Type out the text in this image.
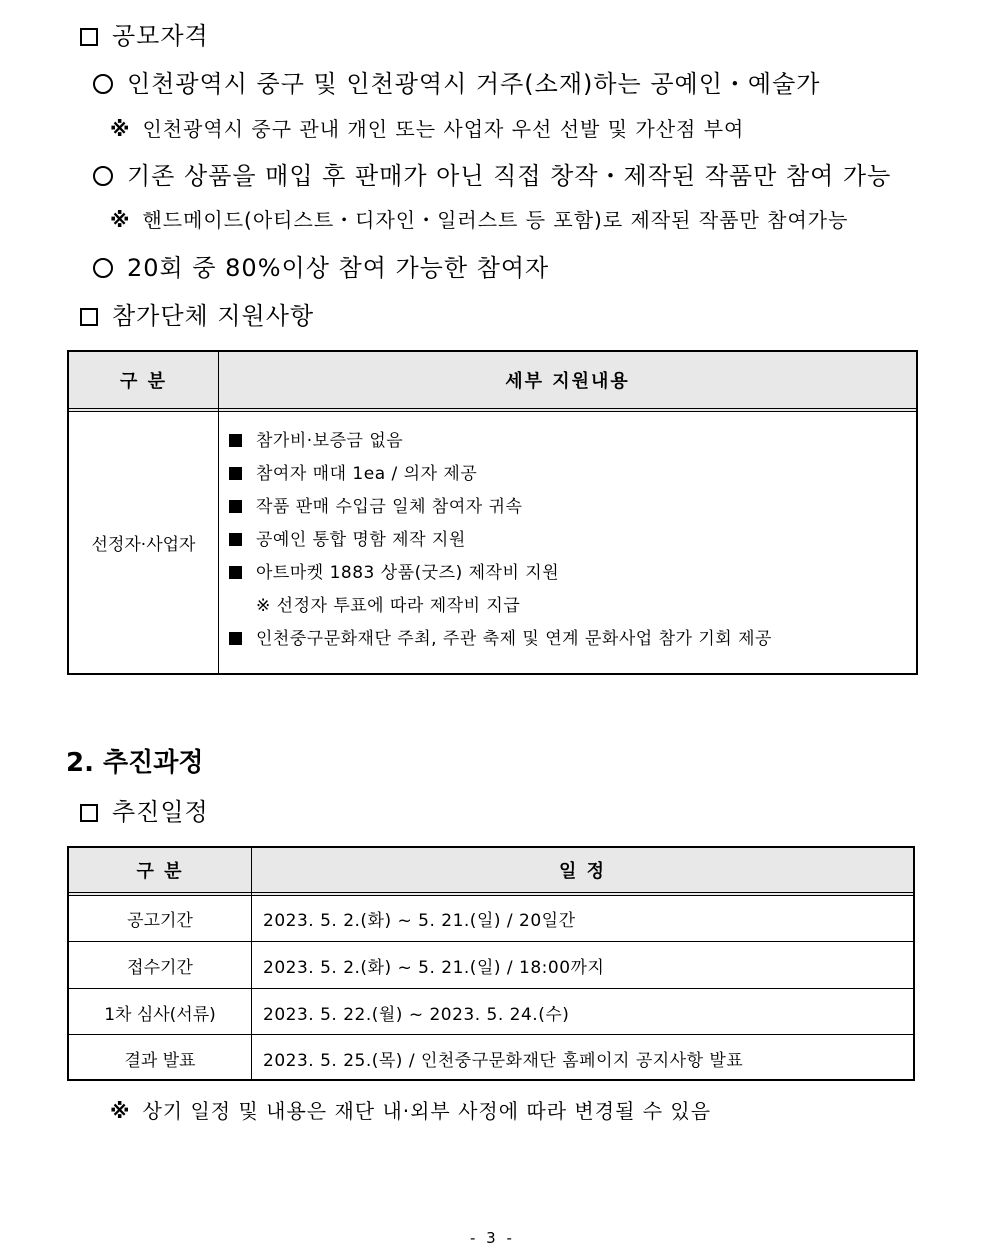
공모자격
인천광역시 중구 및 인천광역시 거주(소재)하는 공예인・예술가
※ 인천광역시 중구 관내 개인 또는 사업자 우선 선발 및 가산점 부여
기존 상품을 매입 후 판매가 아닌 직접 창작・제작된 작품만 참여 가능
※ 핸드메이드(아티스트・디자인・일러스트 등 포함)로 제작된 작품만 참여가능
20회 중 80%이상 참여 가능한 참여자
참가단체 지원사항
구 분	세부 지원내용
선정자·사업자
참가비·보증금 없음
참여자 매대 1ea / 의자 제공
작품 판매 수입금 일체 참여자 귀속
공예인 통합 명함 제작 지원
아트마켓 1883 상품(굿즈) 제작비 지원
※ 선정자 투표에 따라 제작비 지급
인천중구문화재단 주최, 주관 축제 및 연계 문화사업 참가 기회 제공
2. 추진과정
추진일정
구 분	일 정
공고기간	2023. 5. 2.(화) ~ 5. 21.(일) / 20일간
접수기간	2023. 5. 2.(화) ~ 5. 21.(일) / 18:00까지
1차 심사(서류)	2023. 5. 22.(월) ~ 2023. 5. 24.(수)
결과 발표	2023. 5. 25.(목) / 인천중구문화재단 홈페이지 공지사항 발표
※ 상기 일정 및 내용은 재단 내·외부 사정에 따라 변경될 수 있음
- 3 -
